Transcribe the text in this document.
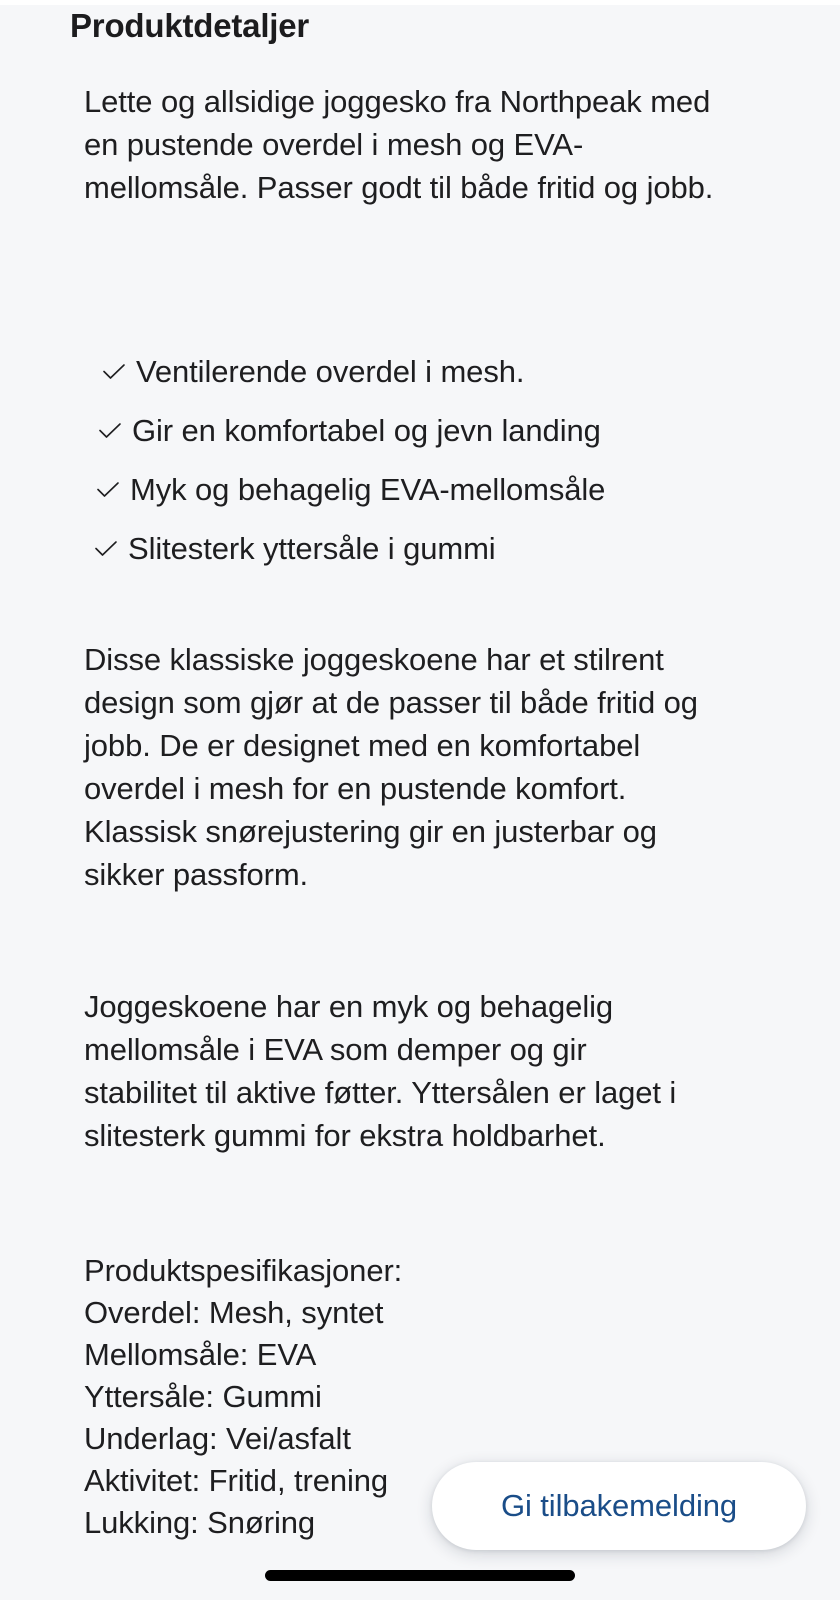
Produktdetaljer

Lette og allsidige joggesko fra Northpeak med en pustende overdel i mesh og EVA-mellomsåle. Passer godt til både fritid og jobb.

Ventilerende overdel i mesh.
Gir en komfortabel og jevn landing
Myk og behagelig EVA-mellomsåle
Slitesterk yttersåle i gummi

Disse klassiske joggeskoene har et stilrent design som gjør at de passer til både fritid og jobb. De er designet med en komfortabel overdel i mesh for en pustende komfort. Klassisk snørejustering gir en justerbar og sikker passform.

Joggeskoene har en myk og behagelig mellomsåle i EVA som demper og gir stabilitet til aktive føtter. Yttersålen er laget i slitesterk gummi for ekstra holdbarhet.

Produktspesifikasjoner:
Overdel: Mesh, syntet
Mellomsåle: EVA
Yttersåle: Gummi
Underlag: Vei/asfalt
Aktivitet: Fritid, trening
Lukking: Snøring	Gi tilbakemelding
